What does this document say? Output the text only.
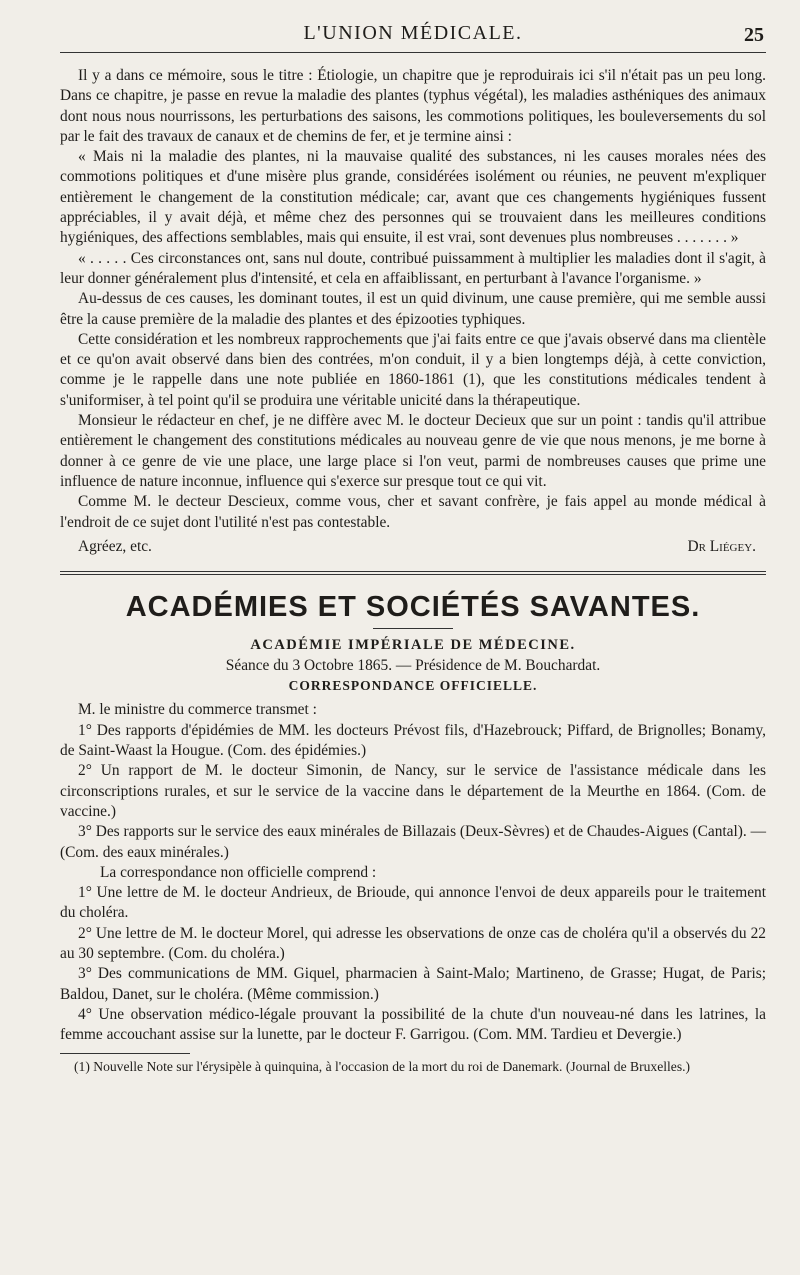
L'UNION MÉDICALE.	25

Il y a dans ce mémoire, sous le titre : Étiologie, un chapitre que je reproduirais ici s'il n'était pas un peu long. Dans ce chapitre, je passe en revue la maladie des plantes (typhus végétal), les maladies asthéniques des animaux dont nous nous nourrissons, les perturbations des saisons, les commotions politiques, les bouleversements du sol par le fait des travaux de canaux et de chemins de fer, et je termine ainsi :

« Mais ni la maladie des plantes, ni la mauvaise qualité des substances, ni les causes morales nées des commotions politiques et d'une misère plus grande, considérées isolément ou réunies, ne peuvent m'expliquer entièrement le changement de la constitution médicale; car, avant que ces changements hygiéniques fussent appréciables, il y avait déjà, et même chez des personnes qui se trouvaient dans les meilleures conditions hygiéniques, des affections semblables, mais qui ensuite, il est vrai, sont devenues plus nombreuses . . . . . . . »

« . . . . . Ces circonstances ont, sans nul doute, contribué puissamment à multiplier les maladies dont il s'agit, à leur donner généralement plus d'intensité, et cela en affaiblissant, en perturbant à l'avance l'organisme. »

Au-dessus de ces causes, les dominant toutes, il est un quid divinum, une cause première, qui me semble aussi être la cause première de la maladie des plantes et des épizooties typhiques.

Cette considération et les nombreux rapprochements que j'ai faits entre ce que j'avais observé dans ma clientèle et ce qu'on avait observé dans bien des contrées, m'on conduit, il y a bien longtemps déjà, à cette conviction, comme je le rappelle dans une note publiée en 1860-1861 (1), que les constitutions médicales tendent à s'uniformiser, à tel point qu'il se produira une véritable unicité dans la thérapeutique.

Monsieur le rédacteur en chef, je ne diffère avec M. le docteur Decieux que sur un point : tandis qu'il attribue entièrement le changement des constitutions médicales au nouveau genre de vie que nous menons, je me borne à donner à ce genre de vie une place, une large place si l'on veut, parmi de nombreuses causes que prime une influence de nature inconnue, influence qui s'exerce sur presque tout ce qui vit.

Comme M. le decteur Descieux, comme vous, cher et savant confrère, je fais appel au monde médical à l'endroit de ce sujet dont l'utilité n'est pas contestable.

Agréez, etc.	Dr Liégey.
ACADÉMIES ET SOCIÉTÉS SAVANTES.
ACADÉMIE IMPÉRIALE DE MÉDECINE.
Séance du 3 Octobre 1865. — Présidence de M. Bouchardat.
CORRESPONDANCE OFFICIELLE.

M. le ministre du commerce transmet :

1° Des rapports d'épidémies de MM. les docteurs Prévost fils, d'Hazebrouck; Piffard, de Brignolles; Bonamy, de Saint-Waast la Hougue. (Com. des épidémies.)

2° Un rapport de M. le docteur Simonin, de Nancy, sur le service de l'assistance médicale dans les circonscriptions rurales, et sur le service de la vaccine dans le département de la Meurthe en 1864. (Com. de vaccine.)

3° Des rapports sur le service des eaux minérales de Billazais (Deux-Sèvres) et de Chaudes-Aigues (Cantal). — (Com. des eaux minérales.)

La correspondance non officielle comprend :

1° Une lettre de M. le docteur Andrieux, de Brioude, qui annonce l'envoi de deux appareils pour le traitement du choléra.

2° Une lettre de M. le docteur Morel, qui adresse les observations de onze cas de choléra qu'il a observés du 22 au 30 septembre. (Com. du choléra.)

3° Des communications de MM. Giquel, pharmacien à Saint-Malo; Martineno, de Grasse; Hugat, de Paris; Baldou, Danet, sur le choléra. (Même commission.)

4° Une observation médico-légale prouvant la possibilité de la chute d'un nouveau-né dans les latrines, la femme accouchant assise sur la lunette, par le docteur F. Garrigou. (Com. MM. Tardieu et Devergie.)

(1) Nouvelle Note sur l'érysipèle à quinquina, à l'occasion de la mort du roi de Danemark. (Journal de Bruxelles.)
